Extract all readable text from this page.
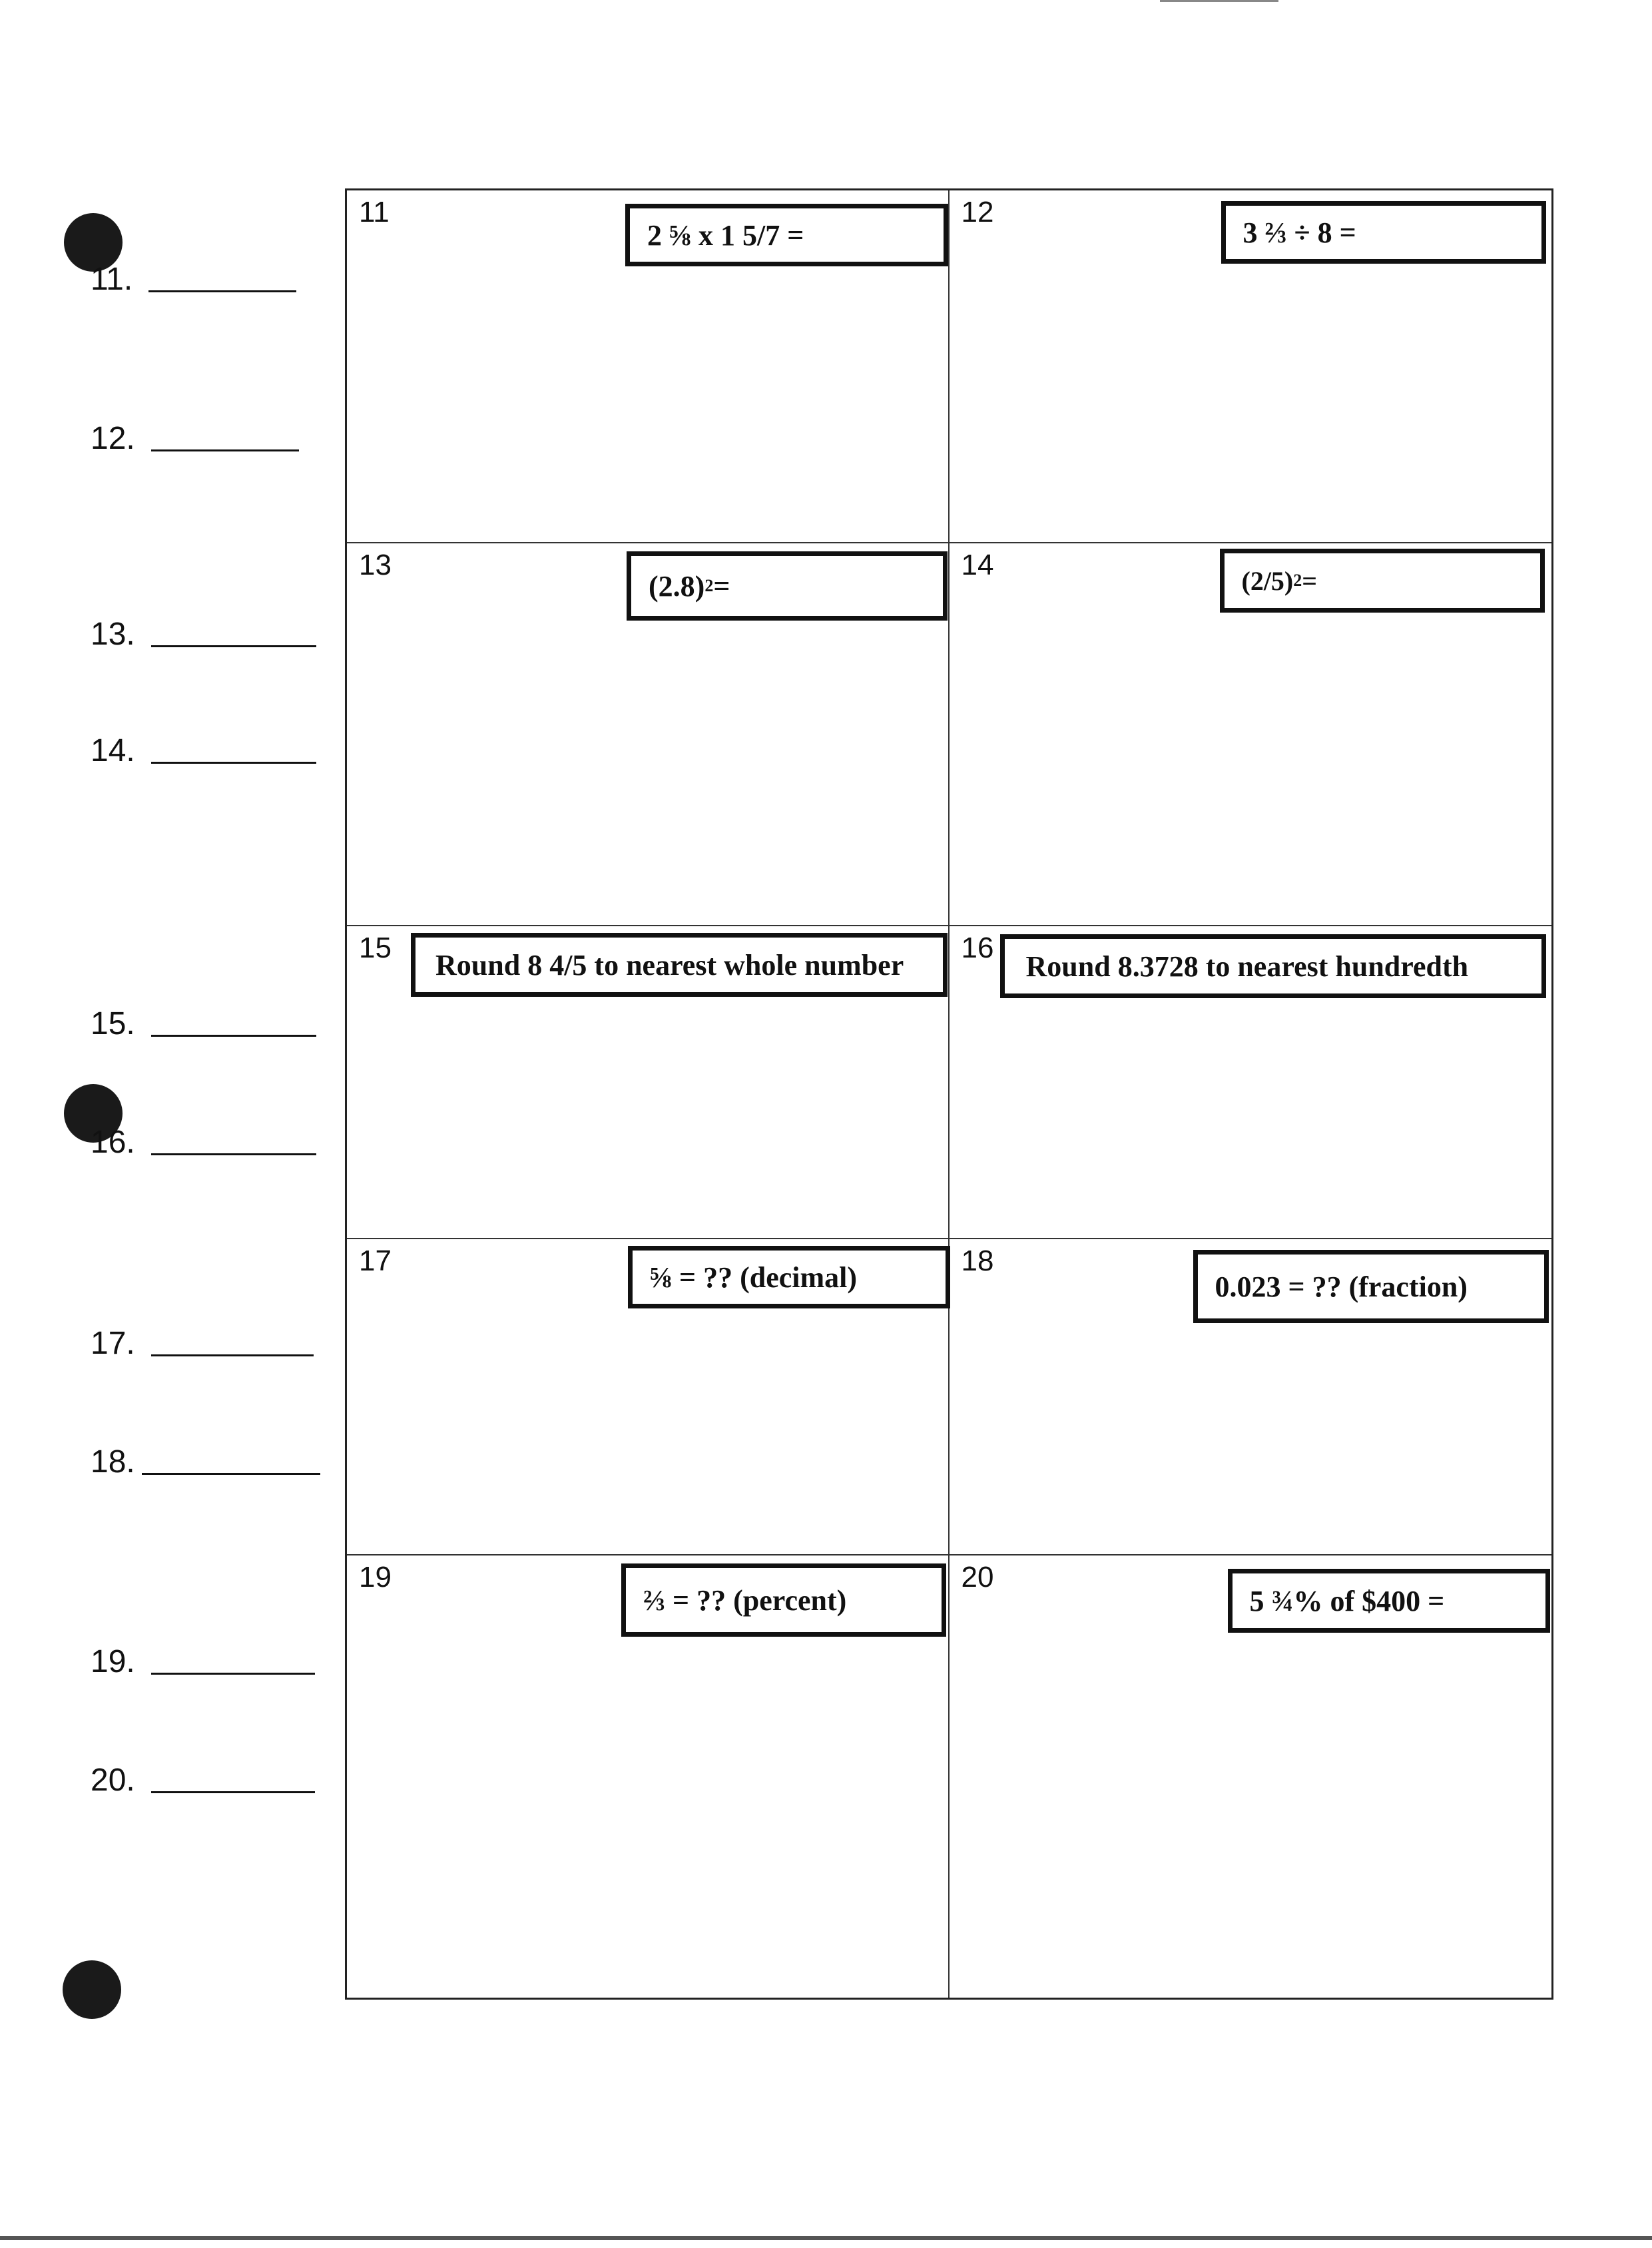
11.
12.
13.
14.
15.
16.
17.
18.
19.
20.
11
2 ⅝ x 1 5/7 =
12
3 ⅔ ÷ 8 =
13
(2.8) 2 =
14	(2/5) 2 =
15
Round 8 4/5 to nearest whole number
16
Round 8.3728 to nearest hundredth
17	⅝ = ?? (decimal)	18
0.023 = ?? (fraction)
19
⅔ = ?? (percent)
20
5 ¾% of $400 =
